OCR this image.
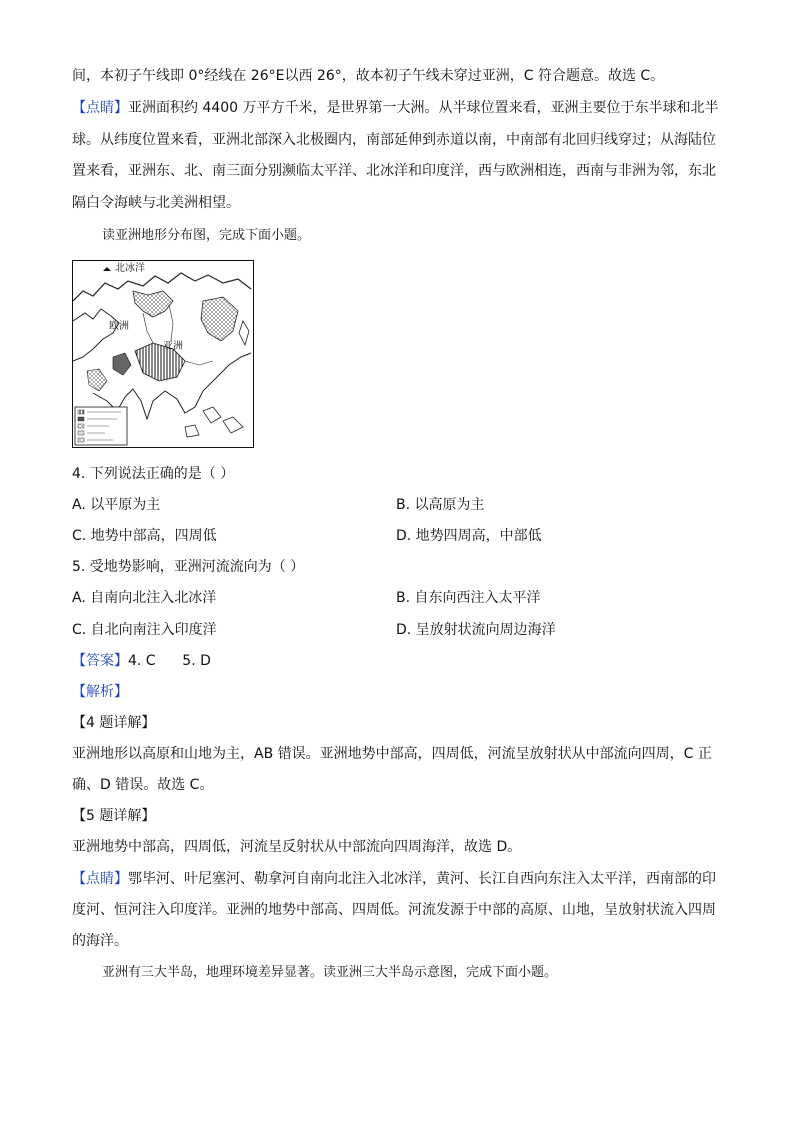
间，本初子午线即 0°经线在 26°E以西 26°，故本初子午线未穿过亚洲，C 符合题意。故选 C。
【点睛】亚洲面积约 4400 万平方千米，是世界第一大洲。从半球位置来看，亚洲主要位于东半球和北半
球。从纬度位置来看，亚洲北部深入北极圈内，南部延伸到赤道以南，中南部有北回归线穿过；从海陆位
置来看，亚洲东、北、南三面分别濒临太平洋、北冰洋和印度洋，西与欧洲相连，西南与非洲为邻，东北
隔白令海峡与北美洲相望。
读亚洲地形分布图，完成下面小题。
北冰洋
欧洲
亚洲
4. 下列说法正确的是（ ）
A. 以平原为主	B. 以高原为主
C. 地势中部高，四周低	D. 地势四周高，中部低
5. 受地势影响，亚洲河流流向为（ ）
A. 自南向北注入北冰洋	B. 自东向西注入太平洋
C. 自北向南注入印度洋	D. 呈放射状流向周边海洋
【答案】4. C      5. D
【解析】
【4 题详解】
亚洲地形以高原和山地为主，AB 错误。亚洲地势中部高，四周低，河流呈放射状从中部流向四周，C 正
确、D 错误。故选 C。
【5 题详解】
亚洲地势中部高，四周低，河流呈反射状从中部流向四周海洋，故选 D。
【点睛】鄂毕河、叶尼塞河、勒拿河自南向北注入北冰洋，黄河、长江自西向东注入太平洋，西南部的印
度河、恒河注入印度洋。亚洲的地势中部高、四周低。河流发源于中部的高原、山地，呈放射状流入四周
的海洋。
亚洲有三大半岛，地理环境差异显著。读亚洲三大半岛示意图，完成下面小题。
